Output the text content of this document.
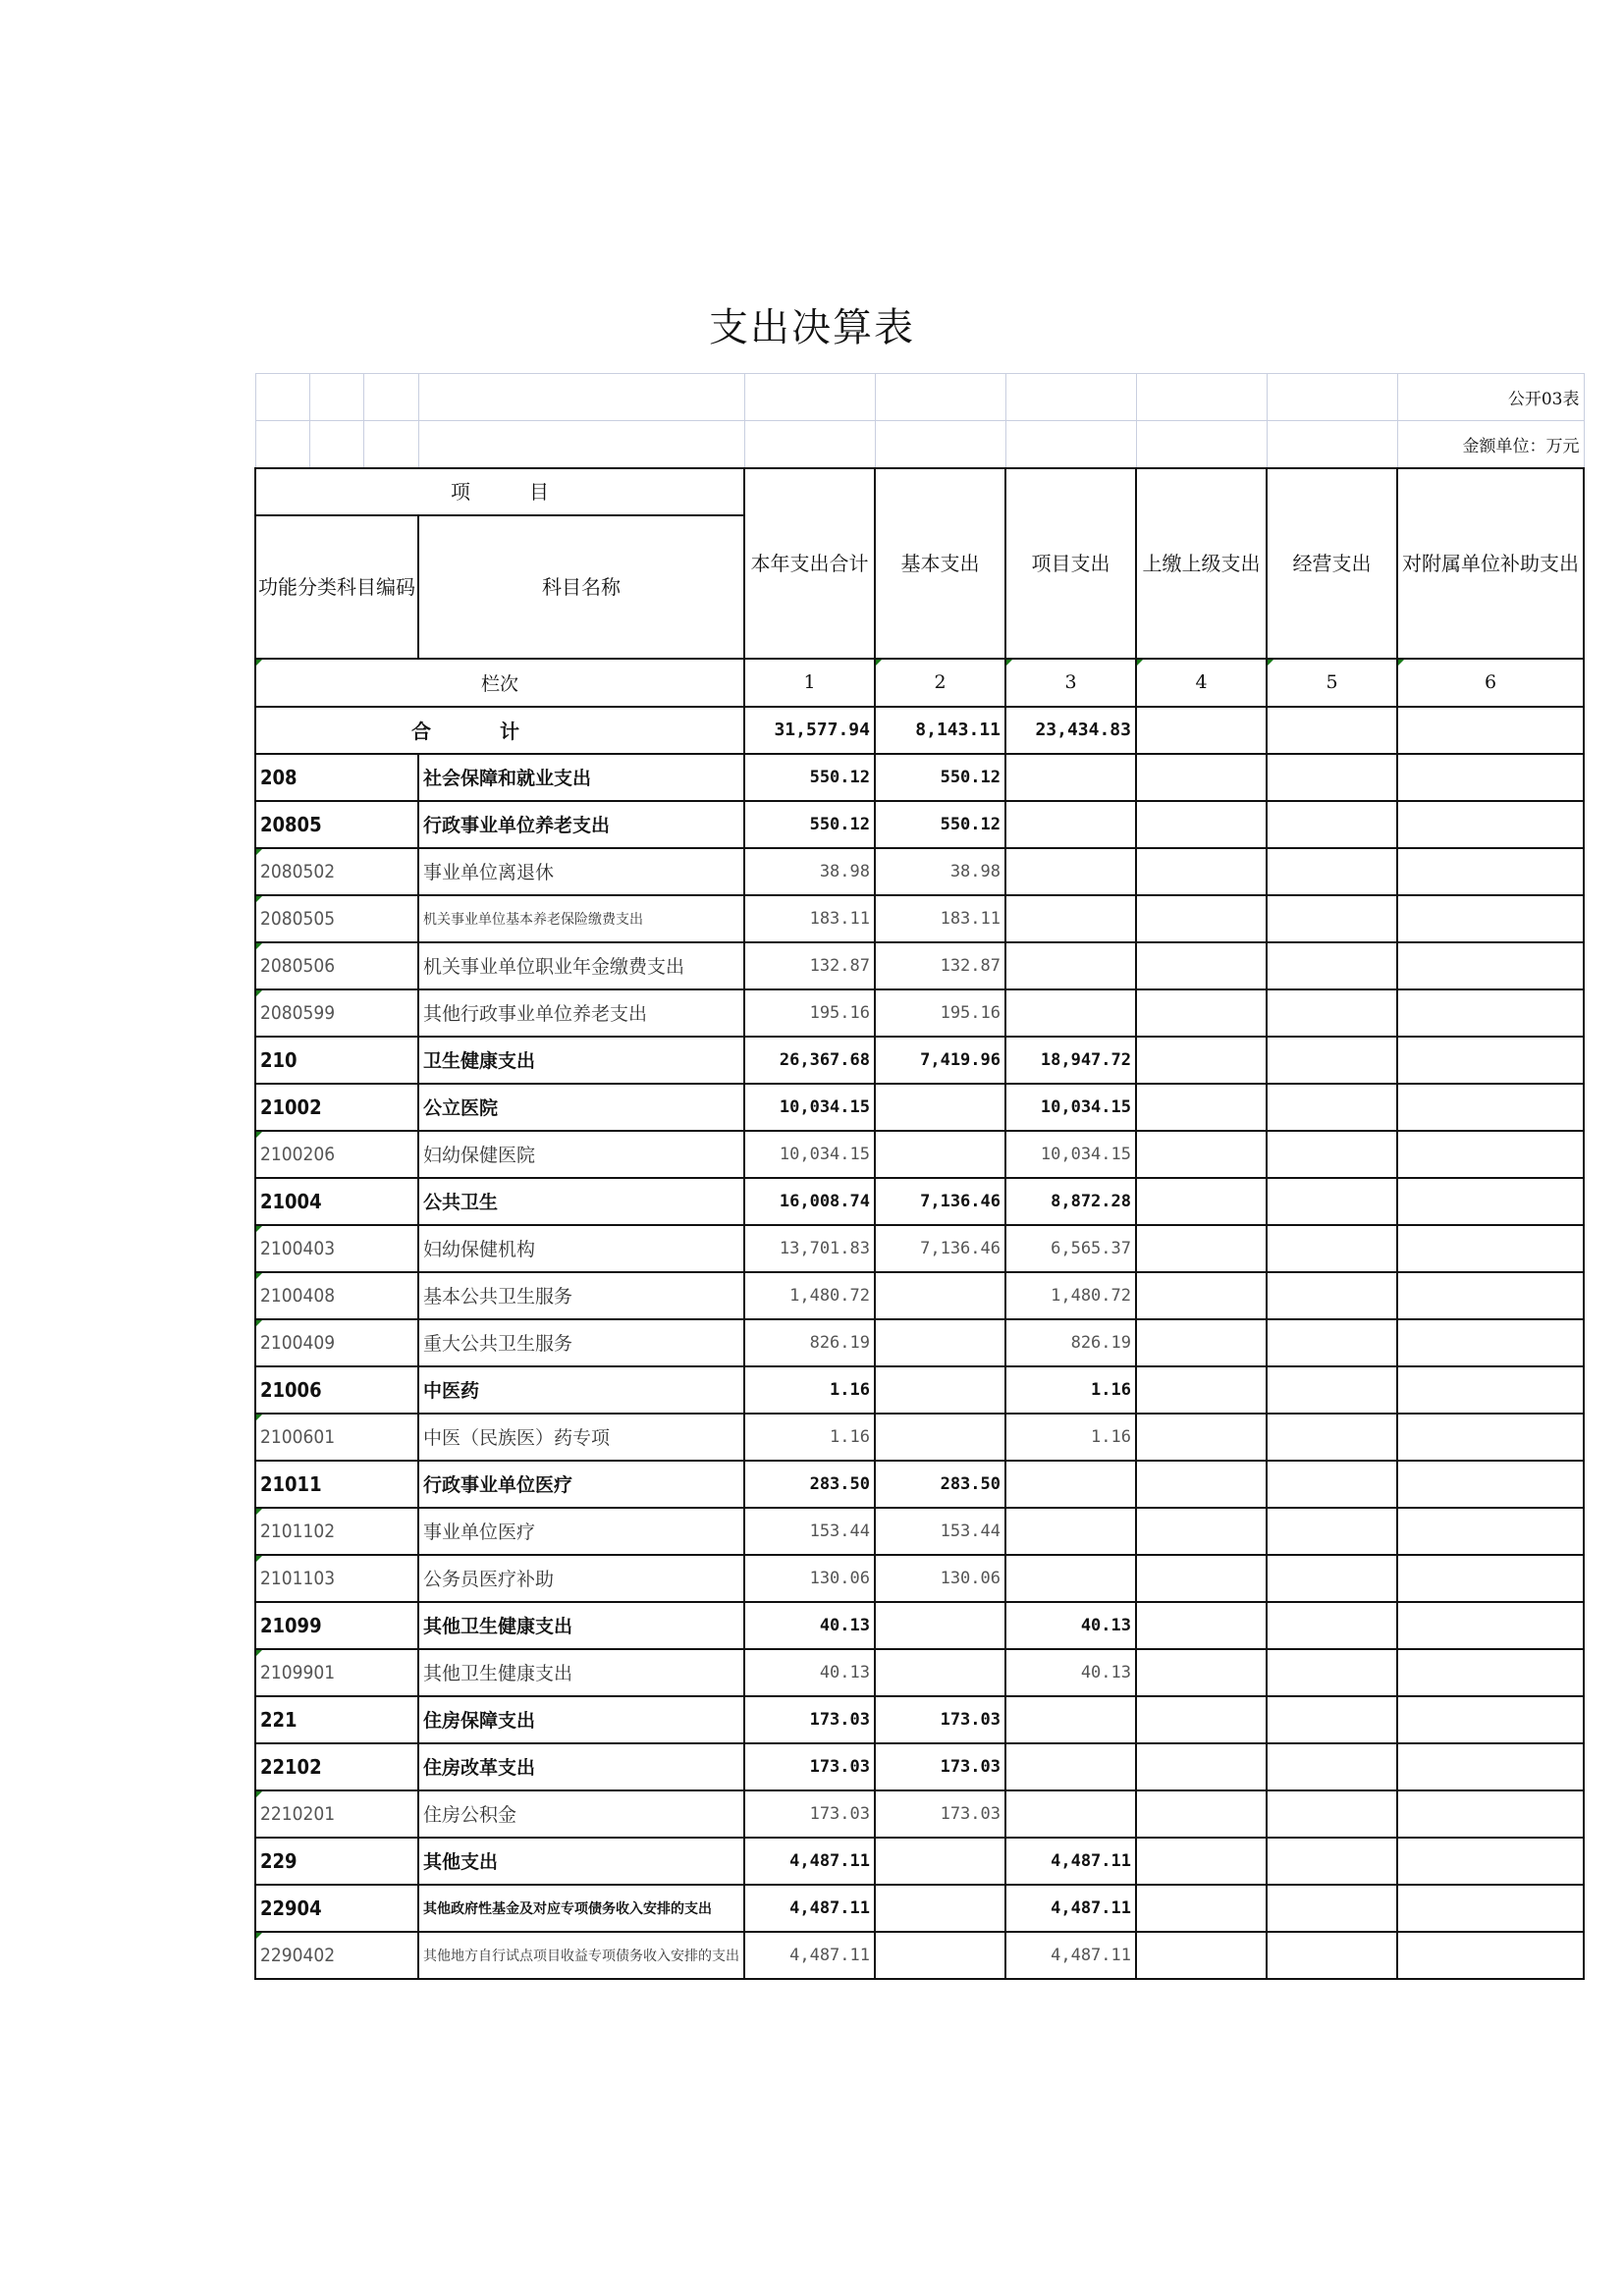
支出决算表
									公开03表
									金额单位：万元
项　　　目				本年支出合计	基本支出	项目支出	上缴上级支出	经营支出	对附属单位补助支出
功能分类科目编码			科目名称						
栏次				1	2	3	4	5	6
合计				31,577.94	8,143.11	23,434.83			
208			社会保障和就业支出	550.12	550.12				
20805			行政事业单位养老支出	550.12	550.12				
2080502			事业单位离退休	38.98	38.98				
2080505			机关事业单位基本养老保险缴费支出	183.11	183.11				
2080506			机关事业单位职业年金缴费支出	132.87	132.87				
2080599			其他行政事业单位养老支出	195.16	195.16				
210			卫生健康支出	26,367.68	7,419.96	18,947.72			
21002			公立医院	10,034.15		10,034.15			
2100206			妇幼保健医院	10,034.15		10,034.15			
21004			公共卫生	16,008.74	7,136.46	8,872.28			
2100403			妇幼保健机构	13,701.83	7,136.46	6,565.37			
2100408			基本公共卫生服务	1,480.72		1,480.72			
2100409			重大公共卫生服务	826.19		826.19			
21006			中医药	1.16		1.16			
2100601			中医（民族医）药专项	1.16		1.16			
21011			行政事业单位医疗	283.50	283.50				
2101102			事业单位医疗	153.44	153.44				
2101103			公务员医疗补助	130.06	130.06				
21099			其他卫生健康支出	40.13		40.13			
2109901			其他卫生健康支出	40.13		40.13			
221			住房保障支出	173.03	173.03				
22102			住房改革支出	173.03	173.03				
2210201			住房公积金	173.03	173.03				
229			其他支出	4,487.11		4,487.11			
22904			其他政府性基金及对应专项债务收入安排的支出	4,487.11		4,487.11			
2290402			其他地方自行试点项目收益专项债务收入安排的支出	4,487.11		4,487.11			
